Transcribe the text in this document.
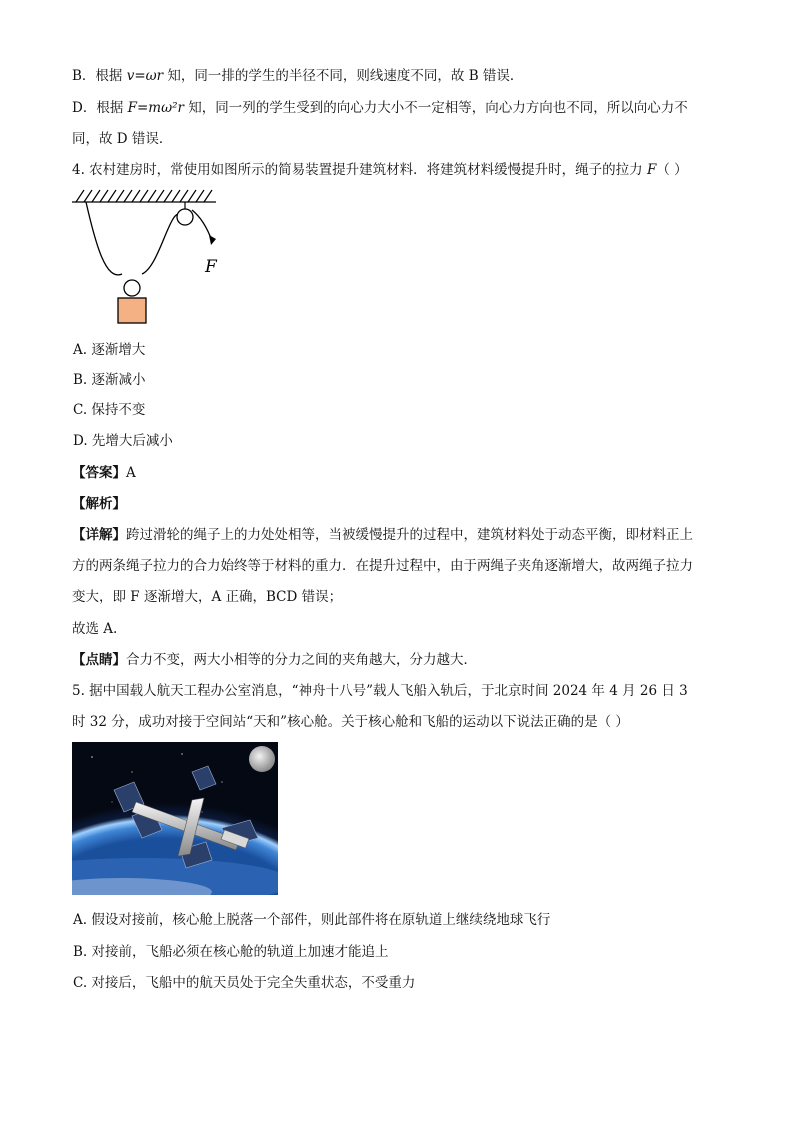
B．根据 v=ωr 知，同一排的学生的半径不同，则线速度不同，故 B 错误．
D．根据 F=mω²r 知，同一列的学生受到的向心力大小不一定相等，向心力方向也不同，所以向心力不
同，故 D 错误．
4. 农村建房时，常使用如图所示的简易装置提升建筑材料．将建筑材料缓慢提升时，绳子的拉力 F（ ）
F
A. 逐渐增大
B. 逐渐减小
C. 保持不变
D. 先增大后减小
【答案】A
【解析】
【详解】跨过滑轮的绳子上的力处处相等，当被缓慢提升的过程中，建筑材料处于动态平衡，即材料正上
方的两条绳子拉力的合力始终等于材料的重力．在提升过程中，由于两绳子夹角逐渐增大，故两绳子拉力
变大，即 F 逐渐增大，A 正确，BCD 错误；
故选 A.
【点睛】合力不变，两大小相等的分力之间的夹角越大，分力越大．
5. 据中国载人航天工程办公室消息，“神舟十八号”载人飞船入轨后，于北京时间 2024 年 4 月 26 日 3
时 32 分，成功对接于空间站“天和”核心舱。关于核心舱和飞船的运动以下说法正确的是（ ）
A. 假设对接前，核心舱上脱落一个部件，则此部件将在原轨道上继续绕地球飞行
B. 对接前，飞船必须在核心舱的轨道上加速才能追上
C. 对接后，飞船中的航天员处于完全失重状态，不受重力
